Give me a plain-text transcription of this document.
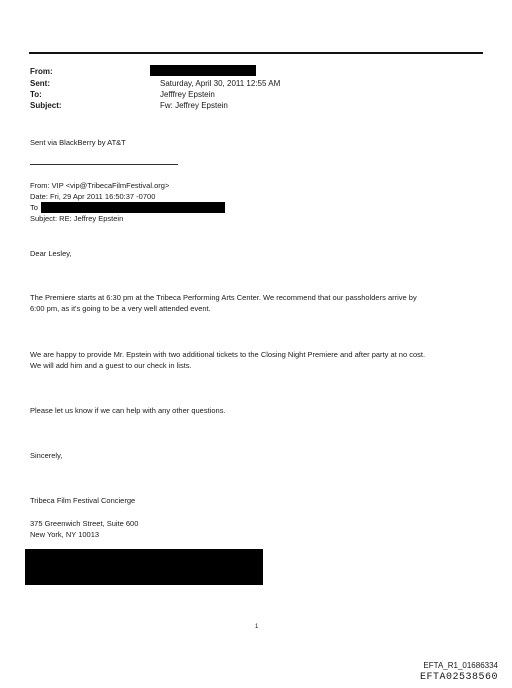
From:
Sent:	Saturday, April 30, 2011 12:55 AM
To:	Jefffrey Epstein
Subject:	Fw: Jeffrey Epstein
Sent via BlackBerry by AT&T
From: VIP <vip@TribecaFilmFestival.org>
Date: Fri, 29 Apr 2011 16:50:37 -0700
To
Subject: RE: Jeffrey Epstein
Dear Lesley,
The Premiere starts at 6:30 pm at the Tribeca Performing Arts Center. We recommend that our passholders arrive by
6:00 pm, as it's going to be a very well attended event.
We are happy to provide Mr. Epstein with two additional tickets to the Closing Night Premiere and after party at no cost.
We will add him and a guest to our check in lists.
Please let us know if we can help with any other questions.
Sincerely,
Tribeca Film Festival Concierge
375 Greenwich Street, Suite 600
New York, NY 10013
1
EFTA_R1_01686334
EFTA02538560
